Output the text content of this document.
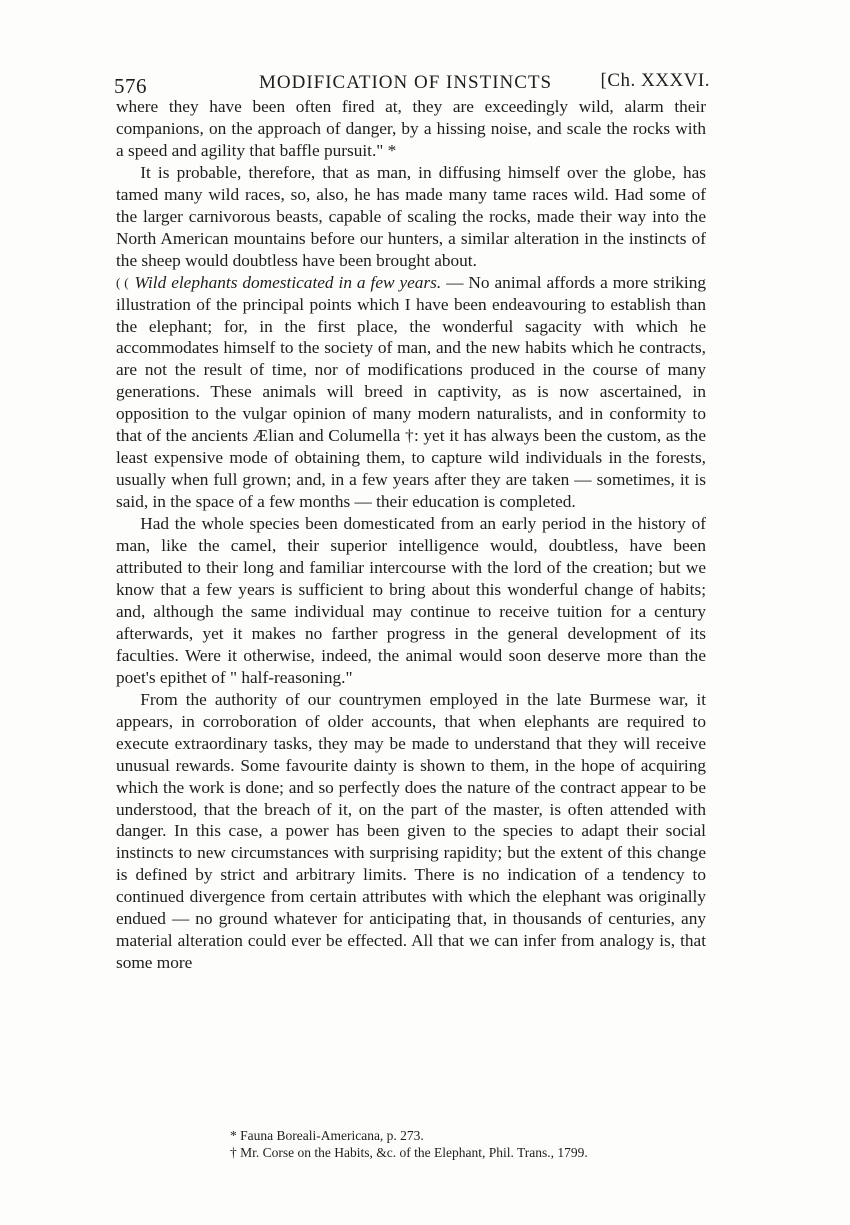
576	MODIFICATION OF INSTINCTS	[Ch. XXXVI.

where they have been often fired at, they are exceedingly wild, alarm their companions, on the approach of danger, by a hissing noise, and scale the rocks with a speed and agility that baffle pursuit." *

It is probable, therefore, that as man, in diffusing himself over the globe, has tamed many wild races, so, also, he has made many tame races wild. Had some of the larger carnivorous beasts, capable of scaling the rocks, made their way into the North American mountains before our hunters, a similar alteration in the instincts of the sheep would doubtless have been brought about.

( ( Wild elephants domesticated in a few years. — No animal affords a more striking illustration of the principal points which I have been endeavouring to establish than the elephant; for, in the first place, the wonderful sagacity with which he accommodates himself to the society of man, and the new habits which he contracts, are not the result of time, nor of modifications produced in the course of many generations. These animals will breed in captivity, as is now ascertained, in opposition to the vulgar opinion of many modern naturalists, and in conformity to that of the ancients Ælian and Columella †: yet it has always been the custom, as the least expensive mode of obtaining them, to capture wild individuals in the forests, usually when full grown; and, in a few years after they are taken — sometimes, it is said, in the space of a few months — their education is completed.

Had the whole species been domesticated from an early period in the history of man, like the camel, their superior intelligence would, doubtless, have been attributed to their long and familiar intercourse with the lord of the creation; but we know that a few years is sufficient to bring about this wonderful change of habits; and, although the same individual may continue to receive tuition for a century afterwards, yet it makes no farther progress in the general development of its faculties. Were it otherwise, indeed, the animal would soon deserve more than the poet's epithet of " half-reasoning."

From the authority of our countrymen employed in the late Burmese war, it appears, in corroboration of older accounts, that when elephants are required to execute extraordinary tasks, they may be made to understand that they will receive unusual rewards. Some favourite dainty is shown to them, in the hope of acquiring which the work is done; and so perfectly does the nature of the contract appear to be understood, that the breach of it, on the part of the master, is often attended with danger. In this case, a power has been given to the species to adapt their social instincts to new circumstances with surprising rapidity; but the extent of this change is defined by strict and arbitrary limits. There is no indication of a tendency to continued divergence from certain attributes with which the elephant was originally endued — no ground whatever for anticipating that, in thousands of centuries, any material alteration could ever be effected. All that we can infer from analogy is, that some more

* Fauna Boreali-Americana, p. 273.
† Mr. Corse on the Habits, &c. of the Elephant, Phil. Trans., 1799.
